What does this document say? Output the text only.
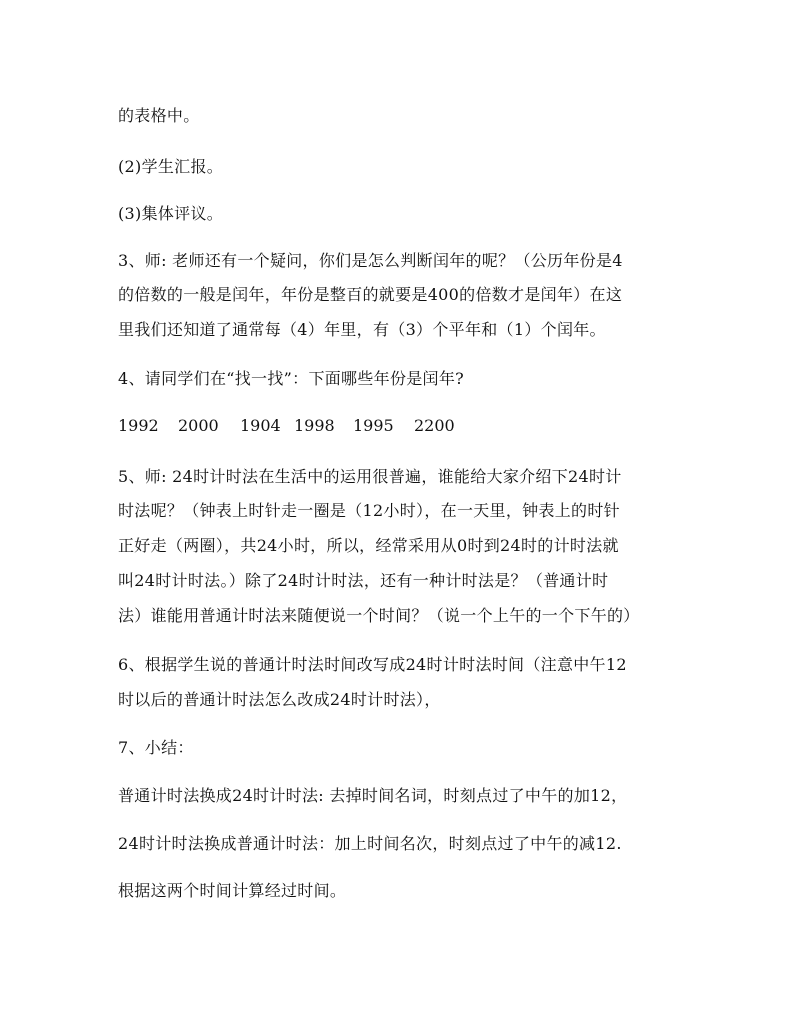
的表格中。
(2)学生汇报。
(3)集体评议。
3、师: 老师还有一个疑问，你们是怎么判断闰年的呢？（公历年份是4
的倍数的一般是闰年，年份是整百的就要是400的倍数才是闰年）在这
里我们还知道了通常每（4）年里，有（3）个平年和（1）个闰年。
4、请同学们在“找一找”：下面哪些年份是闰年?
1992 2000 1904 1998 1995 2200
5、师: 24时计时法在生活中的运用很普遍，谁能给大家介绍下24时计
时法呢？（钟表上时针走一圈是（12小时），在一天里，钟表上的时针
正好走（两圈），共24小时，所以，经常采用从0时到24时的计时法就
叫24时计时法。）除了24时计时法，还有一种计时法是？（普通计时
法）谁能用普通计时法来随便说一个时间？（说一个上午的一个下午的）
6、根据学生说的普通计时法时间改写成24时计时法时间（注意中午12
时以后的普通计时法怎么改成24时计时法），
7、小结：
普通计时法换成24时计时法: 去掉时间名词，时刻点过了中午的加12，
24时计时法换成普通计时法：加上时间名次，时刻点过了中午的减12.
根据这两个时间计算经过时间。
